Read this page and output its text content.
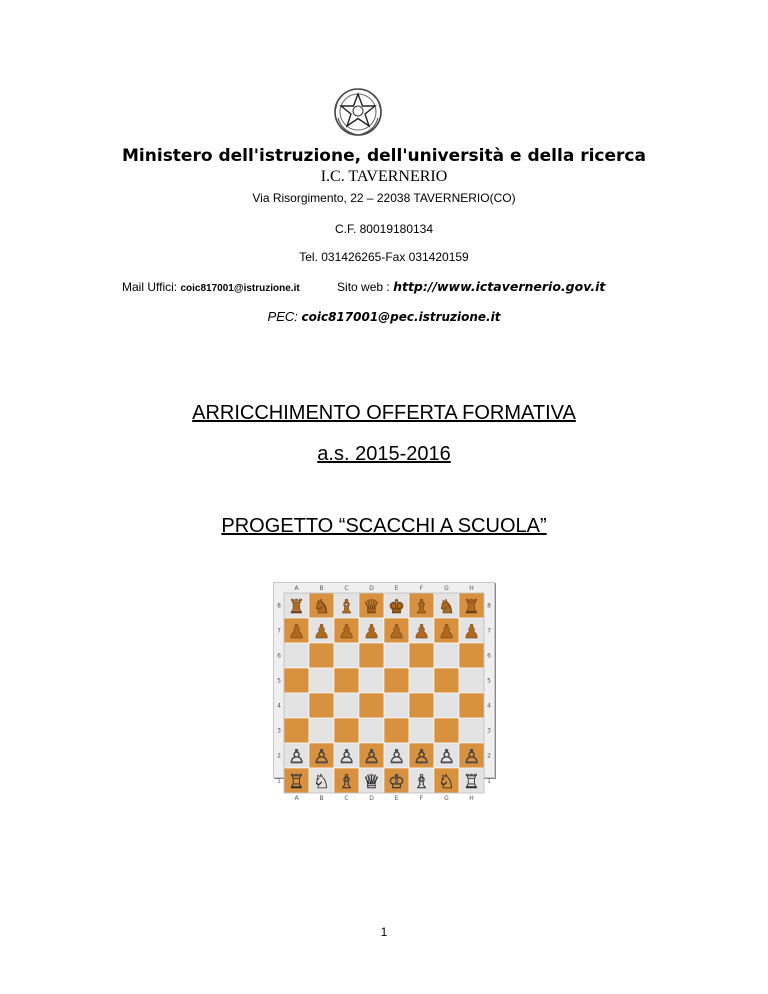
Ministero dell'istruzione, dell'università e della ricerca
I.C. TAVERNERIO
Via Risorgimento, 22 – 22038 TAVERNERIO(CO)
C.F. 80019180134
Tel. 031426265-Fax 031420159
Mail Uffici: coic817001@istruzione.it	Sito web : http://www.ictavernerio.gov.it
PEC: coic817001@pec.istruzione.it
ARRICCHIMENTO OFFERTA FORMATIVA
a.s. 2015-2016
PROGETTO “SCACCHI A SCUOLA”
A
A
B
B
C
C
D
D
E
E
F
F
G
G
H
H
8	8
7	7
6	6
5	5
4	4
3	3
2	2
1	1
♜ ♞ ♝ ♛ ♚ ♝ ♞ ♜
♟ ♟ ♟ ♟ ♟ ♟ ♟ ♟
♙ ♙ ♙ ♙ ♙ ♙ ♙ ♙
♖ ♘ ♗ ♕ ♔ ♗ ♘ ♖
1
